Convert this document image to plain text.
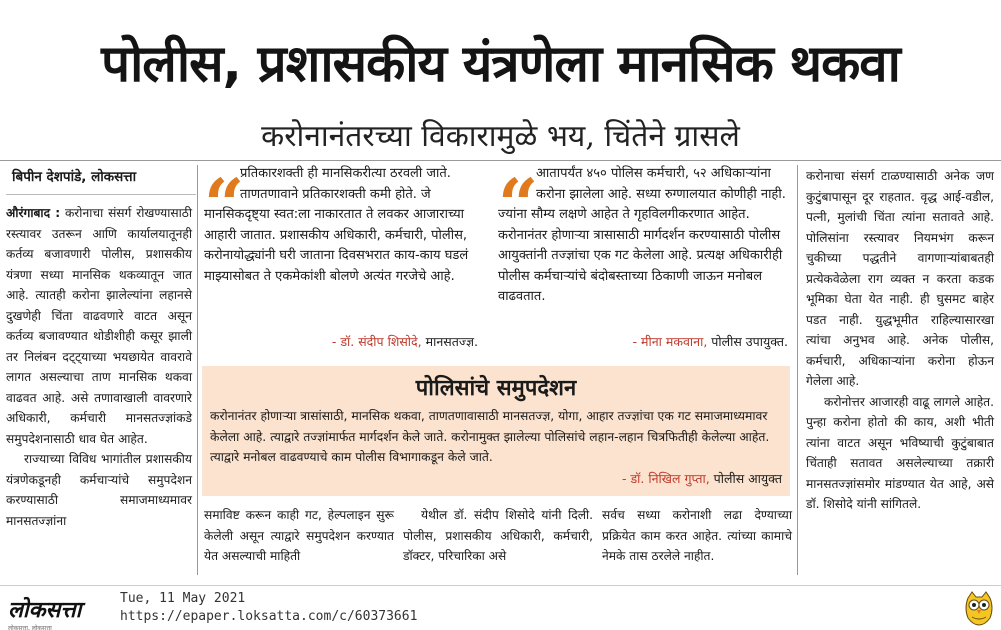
पोलीस, प्रशासकीय यंत्रणेला मानसिक थकवा
करोनानंतरच्या विकारामुळे भय, चिंतेने ग्रासले
बिपीन देशपांडे, लोकसत्ता

औरंगाबाद : करोनाचा संसर्ग रोखण्यासाठी रस्त्यावर उतरून आणि कार्यालयातूनही कर्तव्य बजावणारी पोलीस, प्रशासकीय यंत्रणा सध्या मानसिक थकव्यातून जात आहे. त्यातही करोना झालेल्यांना लहानसे दुखणेही चिंता वाढवणारे वाटत असून कर्तव्य बजावण्यात थोडीशीही कसूर झाली तर निलंबन दट्ट्याच्या भयछायेत वावरावे लागत असल्याचा ताण मानसिक थकवा वाढवत आहे. असे तणावाखाली वावरणारे अधिकारी, कर्मचारी मानसतज्ज्ञांकडे समुपदेशनासाठी धाव घेत आहेत.

राज्याच्या विविध भागांतील प्रशासकीय यंत्रणेकडूनही कर्मचाऱ्यांचे समुपदेशन करण्यासाठी समाजमाध्यमावर मानसतज्ज्ञांना

“
प्रतिकारशक्ती ही मानसिकरीत्या ठरवली जाते. ताणतणावाने प्रतिकारशक्ती कमी होते. जे मानसिकदृष्ट्या स्वत:ला नाकारतात ते लवकर आजाराच्या आहारी जातात. प्रशासकीय अधिकारी, कर्मचारी, पोलीस, करोनायोद्ध्यांनी घरी जाताना दिवसभरात काय-काय घडलं माझ्यासोबत ते एकमेकांशी बोलणे अत्यंत गरजेचे आहे.
- डॉ. संदीप शिसोदे, मानसतज्ज्ञ.
“
आतापर्यंत ४५० पोलिस कर्मचारी, ५२ अधिकाऱ्यांना करोना झालेला आहे. सध्या रुग्णालयात कोणीही नाही. ज्यांना सौम्य लक्षणे आहेत ते गृहविलगीकरणात आहेत. करोनानंतर होणाऱ्या त्रासासाठी मार्गदर्शन करण्यासाठी पोलीस आयुक्तांनी तज्ज्ञांचा एक गट केलेला आहे. प्रत्यक्ष अधिकारीही पोलीस कर्मचाऱ्यांचे बंदोबस्ताच्या ठिकाणी जाऊन मनोबल वाढवतात.
- मीना मकवाना, पोलीस उपायुक्त.
पोलिसांचे समुपदेशन
करोनानंतर होणाऱ्या त्रासांसाठी, मानसिक थकवा, ताणतणावासाठी मानसतज्ज्ञ, योगा, आहार तज्ज्ञांचा एक गट समाजमाध्यमावर केलेला आहे. त्याद्वारे तज्ज्ञांमार्फत मार्गदर्शन केले जाते. करोनामुक्त झालेल्या पोलिसांचे लहान-लहान चित्रफितीही केलेल्या आहेत. त्याद्वारे मनोबल वाढवण्याचे काम पोलीस विभागाकडून केले जाते.
- डॉ. निखिल गुप्ता, पोलीस आयुक्त

समाविष्ट करून काही गट, हेल्पलाइन सुरू केलेली असून त्याद्वारे समुपदेशन करण्यात येत असल्याची माहिती

येथील डॉ. संदीप शिसोदे यांनी दिली. पोलीस, प्रशासकीय अधिकारी, कर्मचारी, डॉक्टर, परिचारिका असे

सर्वच सध्या करोनाशी लढा देण्याच्या प्रक्रियेत काम करत आहेत. त्यांच्या कामाचे नेमके तास ठरलेले नाहीत.

करोनाचा संसर्ग टाळण्यासाठी अनेक जण कुटुंबापासून दूर राहतात. वृद्ध आई-वडील, पत्नी, मुलांची चिंता त्यांना सतावते आहे. पोलिसांना रस्त्यावर नियमभंग करून चुकीच्या पद्धतीने वागणाऱ्यांबाबतही प्रत्येकवेळेला राग व्यक्त न करता कडक भूमिका घेता येत नाही. ही घुसमट बाहेर पडत नाही. युद्धभूमीत राहिल्यासारखा त्यांचा अनुभव आहे. अनेक पोलीस, कर्मचारी, अधिकाऱ्यांना करोना होऊन गेलेला आहे.

करोनोत्तर आजारही वाढू लागले आहेत. पुन्हा करोना होतो की काय, अशी भीती त्यांना वाटत असून भविष्याची कुटुंबाबात चिंताही सतावत असलेल्याच्या तक्रारी मानसतज्ज्ञांसमोर मांडण्यात येत आहे, असे डॉ. शिसोदे यांनी सांगितले.

लोकसत्ता
लोकसत्ता, लोकसत्ता
Tue, 11 May 2021
https://epaper.loksatta.com/c/60373661
